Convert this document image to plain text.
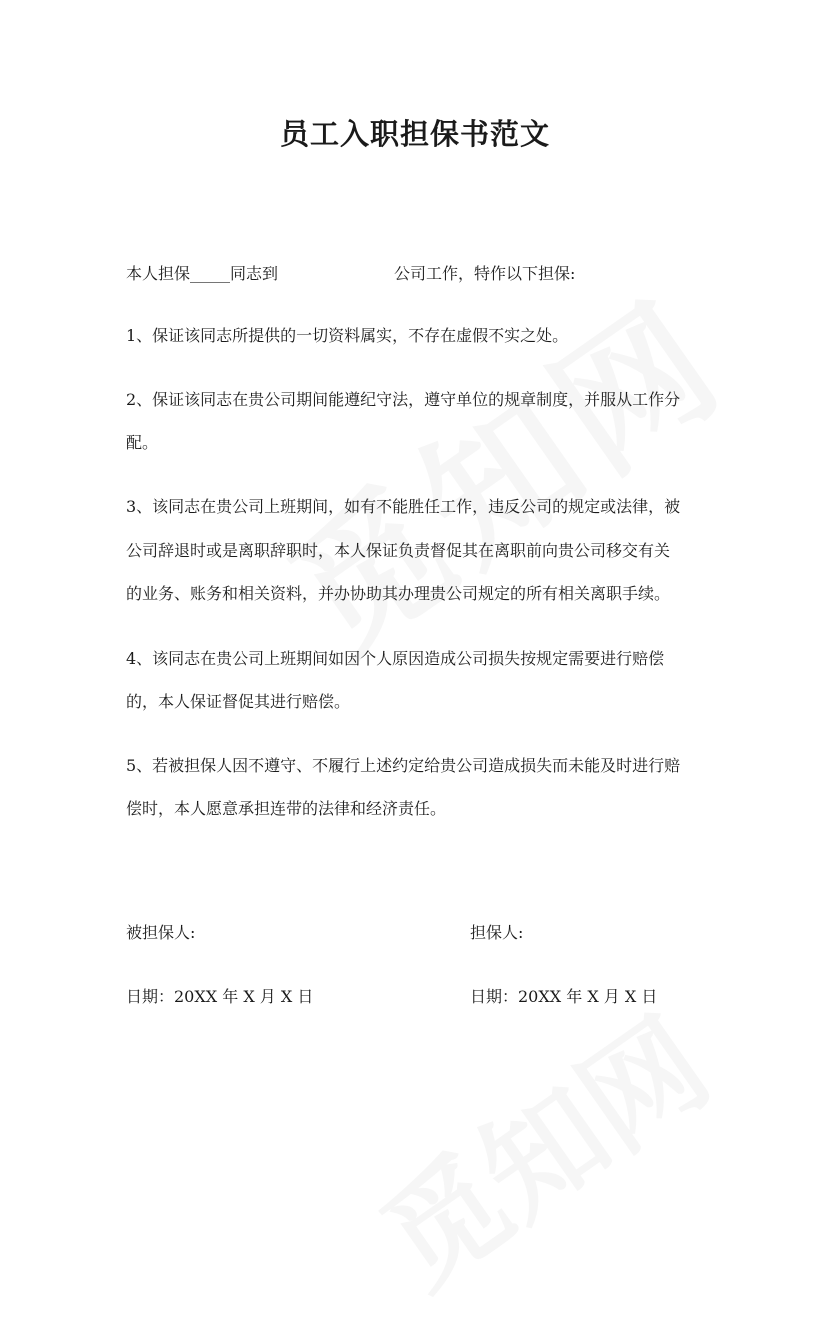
员工入职担保书范文
本人担保_____同志到	公司工作，特作以下担保:
1、保证该同志所提供的一切资料属实，不存在虚假不实之处。
2、保证该同志在贵公司期间能遵纪守法，遵守单位的规章制度，并服从工作分
配。
3、该同志在贵公司上班期间，如有不能胜任工作，违反公司的规定或法律，被
公司辞退时或是离职辞职时，本人保证负责督促其在离职前向贵公司移交有关
的业务、账务和相关资料，并办协助其办理贵公司规定的所有相关离职手续。
4、该同志在贵公司上班期间如因个人原因造成公司损失按规定需要进行赔偿
的，本人保证督促其进行赔偿。
5、若被担保人因不遵守、不履行上述约定给贵公司造成损失而未能及时进行赔
偿时，本人愿意承担连带的法律和经济责任。
被担保人:	担保人:
日期：20XX 年 X 月 X 日	日期：20XX 年 X 月 X 日
